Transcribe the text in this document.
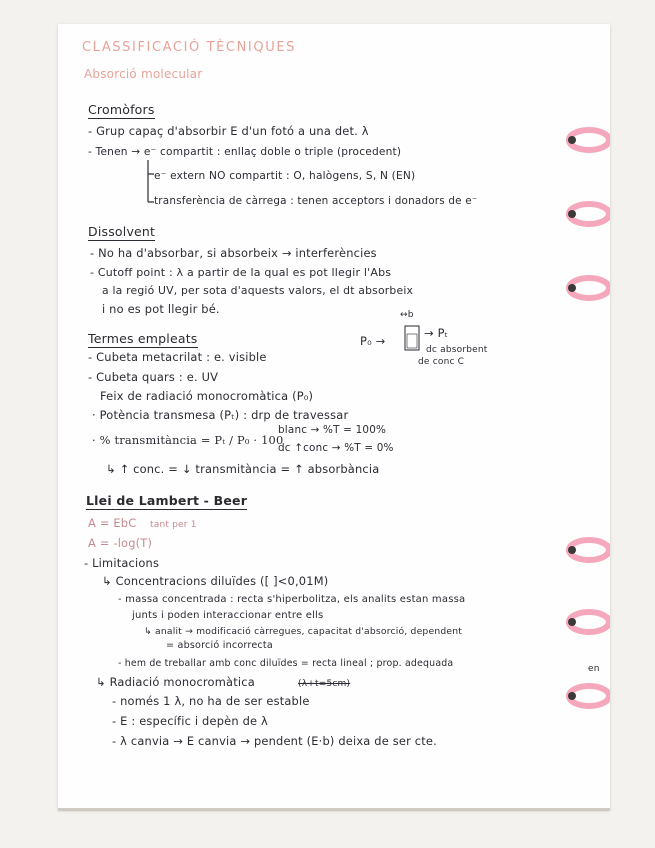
CLASSIFICACIÓ TÈCNIQUES
Absorció molecular
Cromòfors
- Grup capaç d'absorbir E d'un fotó a una det. λ
- Tenen → e⁻ compartit : enllaç doble o triple (procedent)
e⁻ extern NO compartit : O, halògens, S, N (EN)
transferència de càrrega : tenen acceptors i donadors de e⁻
Dissolvent
- No ha d'absorbar, si absorbeix → interferències
- Cutoff point : λ a partir de la qual es pot llegir l'Abs
a la regió UV, per sota d'aquests valors, el dt absorbeix
i no es pot llegir bé.
Termes empleats
- Cubeta metacrilat : e. visible
- Cubeta quars : e. UV
Feix de radiació monocromàtica (P₀)
· Potència transmesa (Pₜ) : drp de travessar
· % transmitància = Pₜ / P₀ · 100
blanc → %T = 100%
dc ↑conc → %T = 0%
↳ ↑ conc. = ↓ transmitància = ↑ absorbància
↔b
P₀ →
→ Pₜ
dc absorbent
de conc C
Llei de Lambert - Beer
A = EbC tant per 1
A = -log(T)
- Limitacions
↳ Concentracions diluïdes ([ ]<0,01M)
- massa concentrada : recta s'hiperbolitza, els analits estan massa
junts i poden interaccionar entre ells
↳ analit → modificació càrregues, capacitat d'absorció, dependent
= absorció incorrecta
- hem de treballar amb conc diluïdes = recta lineal ; prop. adequada	en
↳ Radiació monocromàtica	(λ+t=5cm)
- només 1 λ, no ha de ser estable
- E : específic i depèn de λ
- λ canvia → E canvia → pendent (E·b) deixa de ser cte.
